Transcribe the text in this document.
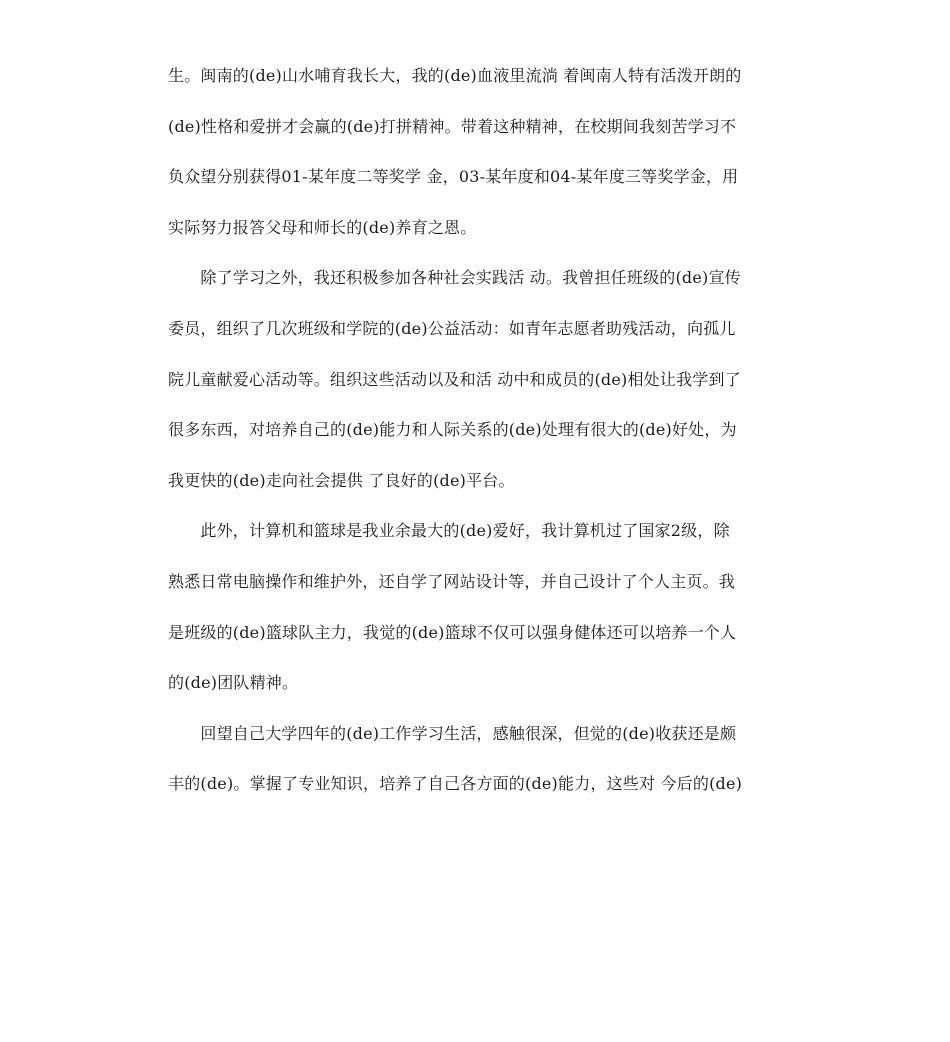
生。闽南的(de)山水哺育我长大，我的(de)血液里流淌 着闽南人特有活泼开朗的
(de)性格和爱拼才会赢的(de)打拼精神。带着这种精神，在校期间我刻苦学习不
负众望分别获得01-某年度二等奖学 金，03-某年度和04-某年度三等奖学金，用
实际努力报答父母和师长的(de)养育之恩。
　　除了学习之外，我还积极参加各种社会实践活 动。我曾担任班级的(de)宣传
委员，组织了几次班级和学院的(de)公益活动：如青年志愿者助残活动，向孤儿
院儿童献爱心活动等。组织这些活动以及和活 动中和成员的(de)相处让我学到了
很多东西，对培养自己的(de)能力和人际关系的(de)处理有很大的(de)好处，为
我更快的(de)走向社会提供 了良好的(de)平台。
　　此外，计算机和篮球是我业余最大的(de)爱好，我计算机过了国家2级，除
熟悉日常电脑操作和维护外，还自学了网站设计等，并自己设计了个人主页。我
是班级的(de)篮球队主力，我觉的(de)篮球不仅可以强身健体还可以培养一个人
的(de)团队精神。
　　回望自己大学四年的(de)工作学习生活，感触很深，但觉的(de)收获还是颇
丰的(de)。掌握了专业知识，培养了自己各方面的(de)能力，这些对 今后的(de)
